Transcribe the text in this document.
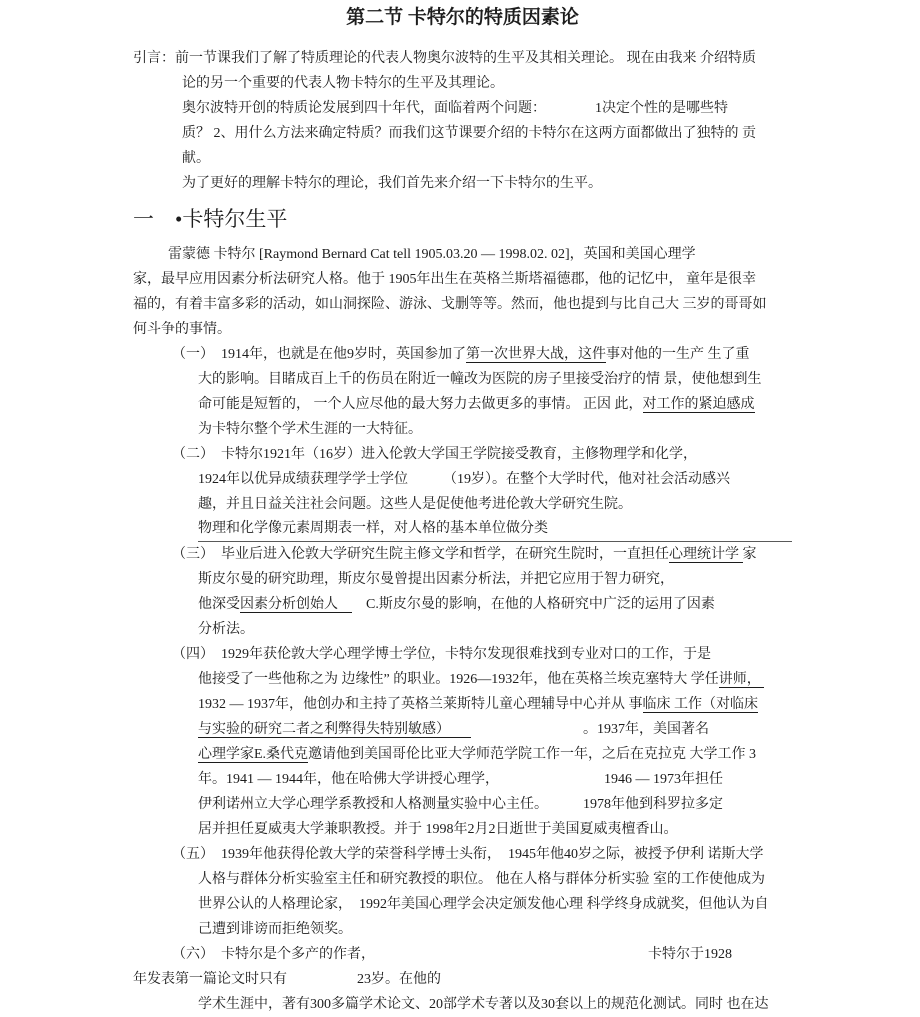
第二节 卡特尔的特质因素论
引言：前一节课我们了解了特质理论的代表人物奥尔波特的生平及其相关理论。 现在由我来 介绍特质
论的另一个重要的代表人物卡特尔的生平及其理论。
奥尔波特开创的特质论发展到四十年代，面临着两个问题：　　　　1决定个性的是哪些特
质？ 2、用什么方法来确定特质？而我们这节课要介绍的卡特尔在这两方面都做出了独特的 贡
献。
为了更好的理解卡特尔的理论，我们首先来介绍一下卡特尔的生平。
一　•卡特尔生平
雷蒙德 卡特尔 [Raymond Bernard Cat tell 1905.03.20 — 1998.02. 02]，英国和美国心理学
家，最早应用因素分析法研究人格。他于 1905年出生在英格兰斯塔福德郡，他的记忆中， 童年是很幸
福的，有着丰富多彩的活动，如山洞探险、游泳、戈删等等。然而，他也提到与比自己大 三岁的哥哥如
何斗争的事情。
（一）　1914年，也就是在他9岁时，英国参加了第一次世界大战，这件事对他的一生产 生了重
大的影响。目睹成百上千的伤员在附近一幢改为医院的房子里接受治疗的情 景，使他想到生
命可能是短暂的， 一个人应尽他的最大努力去做更多的事情。 正因 此，对工作的紧迫感成
为卡特尔整个学术生涯的一大特征。
（二）　卡特尔1921年（16岁）进入伦敦大学国王学院接受教育，主修物理学和化学，
1924年以优异成绩获理学学士学位　　　（19岁）。在整个大学时代，他对社会活动感兴
趣，并且日益关注社会问题。这些人是促使他考进伦敦大学研究生院。
物理和化学像元素周期表一样，对人格的基本单位做分类
（三）　毕业后进入伦敦大学研究生院主修文学和哲学，在研究生院时，一直担任心理统计学 家
斯皮尔曼的研究助理，斯皮尔曼曾提出因素分析法，并把它应用于智力研究，
他深受因素分析创始人　　C.斯皮尔曼的影响，在他的人格研究中广泛的运用了因素
分析法。
（四）　1929年获伦敦大学心理学博士学位，卡特尔发现很难找到专业对口的工作，于是
他接受了一些他称之为 边缘性” 的职业。1926—1932年，他在英格兰埃克塞特大 学任讲师，
1932 — 1937年，他创办和主持了英格兰莱斯特儿童心理辅导中心并从 事临床 工作（对临床
与实验的研究二者之利弊得失特别敏感）　　　　　　　　　　。1937年，美国著名
心理学家E.桑代克邀请他到美国哥伦比亚大学师范学院工作一年，之后在克拉克 大学工作 3
年。1941 — 1944年，他在哈佛大学讲授心理学，　　　　　　　　1946 — 1973年担任
伊利诺州立大学心理学系教授和人格测量实验中心主任。　　　1978年他到科罗拉多定
居并担任夏威夷大学兼职教授。并于 1998年2月2日逝世于美国夏威夷檀香山。
（五）　1939年他获得伦敦大学的荣誉科学博士头衔，　1945年他40岁之际，被授予伊利 诺斯大学
人格与群体分析实验室主任和研究教授的职位。 他在人格与群体分析实验 室的工作使他成为
世界公认的人格理论家，　1992年美国心理学会决定颁发他心理 科学终身成就奖，但他认为自
己遭到诽谤而拒绝领奖。
（六）　卡特尔是个多产的作者，　　　　　　　　　　　　　　　　　　　　卡特尔于1928
年发表第一篇论文时只有　　　　　23岁。在他的
学术生涯中，著有300多篇学术论文、20部学术专著以及30套以上的规范化测试。同时 也在达
